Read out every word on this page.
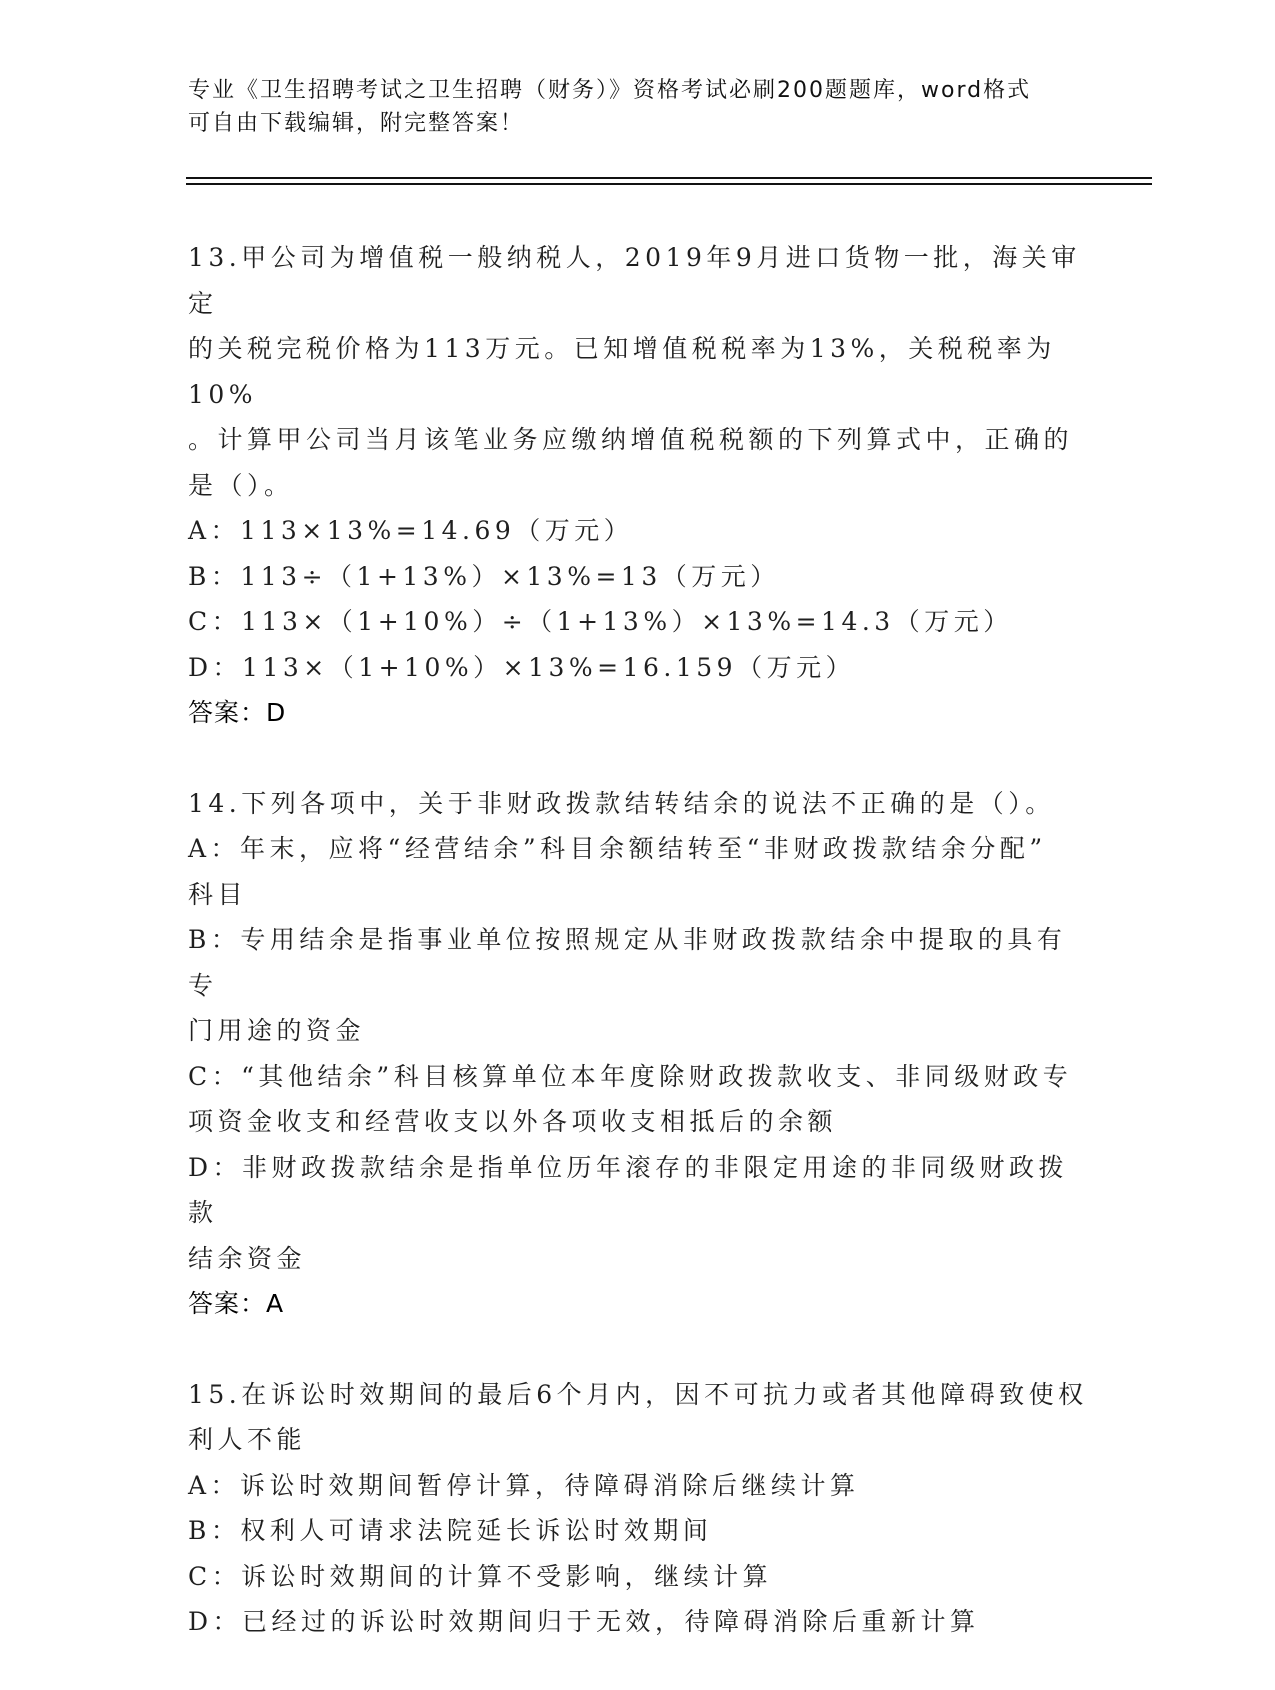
专业《卫生招聘考试之卫生招聘（财务）》资格考试必刷200题题库，word格式
可自由下载编辑，附完整答案！
13.甲公司为增值税一般纳税人，2019年9月进口货物一批，海关审定
的关税完税价格为113万元。已知增值税税率为13%，关税税率为10%
。计算甲公司当月该笔业务应缴纳增值税税额的下列算式中，正确的
是（）。
A：113×13%=14.69（万元）
B：113÷（1+13%）×13%=13（万元）
C：113×（1+10%）÷（1+13%）×13%=14.3（万元）
D：113×（1+10%）×13%=16.159（万元）
答案：D
14.下列各项中，关于非财政拨款结转结余的说法不正确的是（）。
A：年末，应将“经营结余”科目余额结转至“非财政拨款结余分配”
科目
B：专用结余是指事业单位按照规定从非财政拨款结余中提取的具有专
门用途的资金
C：“其他结余”科目核算单位本年度除财政拨款收支、非同级财政专
项资金收支和经营收支以外各项收支相抵后的余额
D：非财政拨款结余是指单位历年滚存的非限定用途的非同级财政拨款
结余资金
答案：A
15.在诉讼时效期间的最后6个月内，因不可抗力或者其他障碍致使权
利人不能
A：诉讼时效期间暂停计算，待障碍消除后继续计算
B：权利人可请求法院延长诉讼时效期间
C：诉讼时效期间的计算不受影响，继续计算
D：已经过的诉讼时效期间归于无效，待障碍消除后重新计算
